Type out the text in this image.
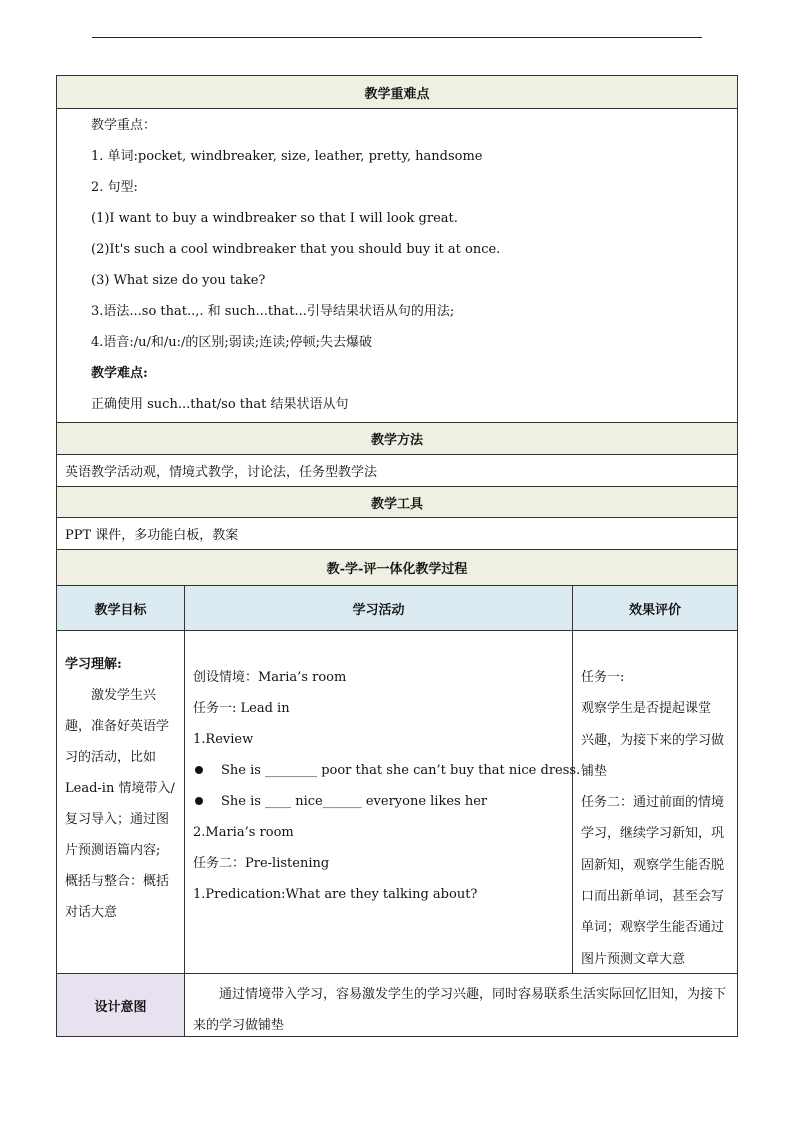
教学重难点
教学重点：
1. 单词:pocket, windbreaker, size, leather, pretty, handsome
2. 句型:
(1)I want to buy a windbreaker so that I will look great.
(2)It's such a cool windbreaker that you should buy it at once.
(3) What size do you take?
3.语法...so that..,. 和 such...that...引导结果状语从句的用法;
4.语音:/u/和/u:/的区别;弱读;连读;停顿;失去爆破
教学难点:
正确使用 such...that/so that 结果状语从句
教学方法
英语教学活动观，情境式教学，讨论法，任务型教学法
教学工具
PPT 课件，多功能白板，教案
教-学-评一体化教学过程
教学目标	学习活动	效果评价
学习理解:
激发学生兴
趣，准备好英语学
习的活动，比如
Lead-in 情境带入/
复习导入；通过图
片预测语篇内容;
概括与整合：概括
对话大意
创设情境：Maria’s room
任务一: Lead in
1.Review
She is ________ poor that she can’t buy that nice dress.
She is ____ nice______ everyone likes her
2.Maria’s room
任务二：Pre-listening
1.Predication:What are they talking about?
任务一:
观察学生是否提起课堂
兴趣，为接下来的学习做
铺垫
任务二：通过前面的情境
学习，继续学习新知，巩
固新知，观察学生能否脱
口而出新单词，甚至会写
单词；观察学生能否通过
图片预测文章大意
设计意图
通过情境带入学习，容易激发学生的学习兴趣，同时容易联系生活实际回忆旧知，为接下来的学习做铺垫
